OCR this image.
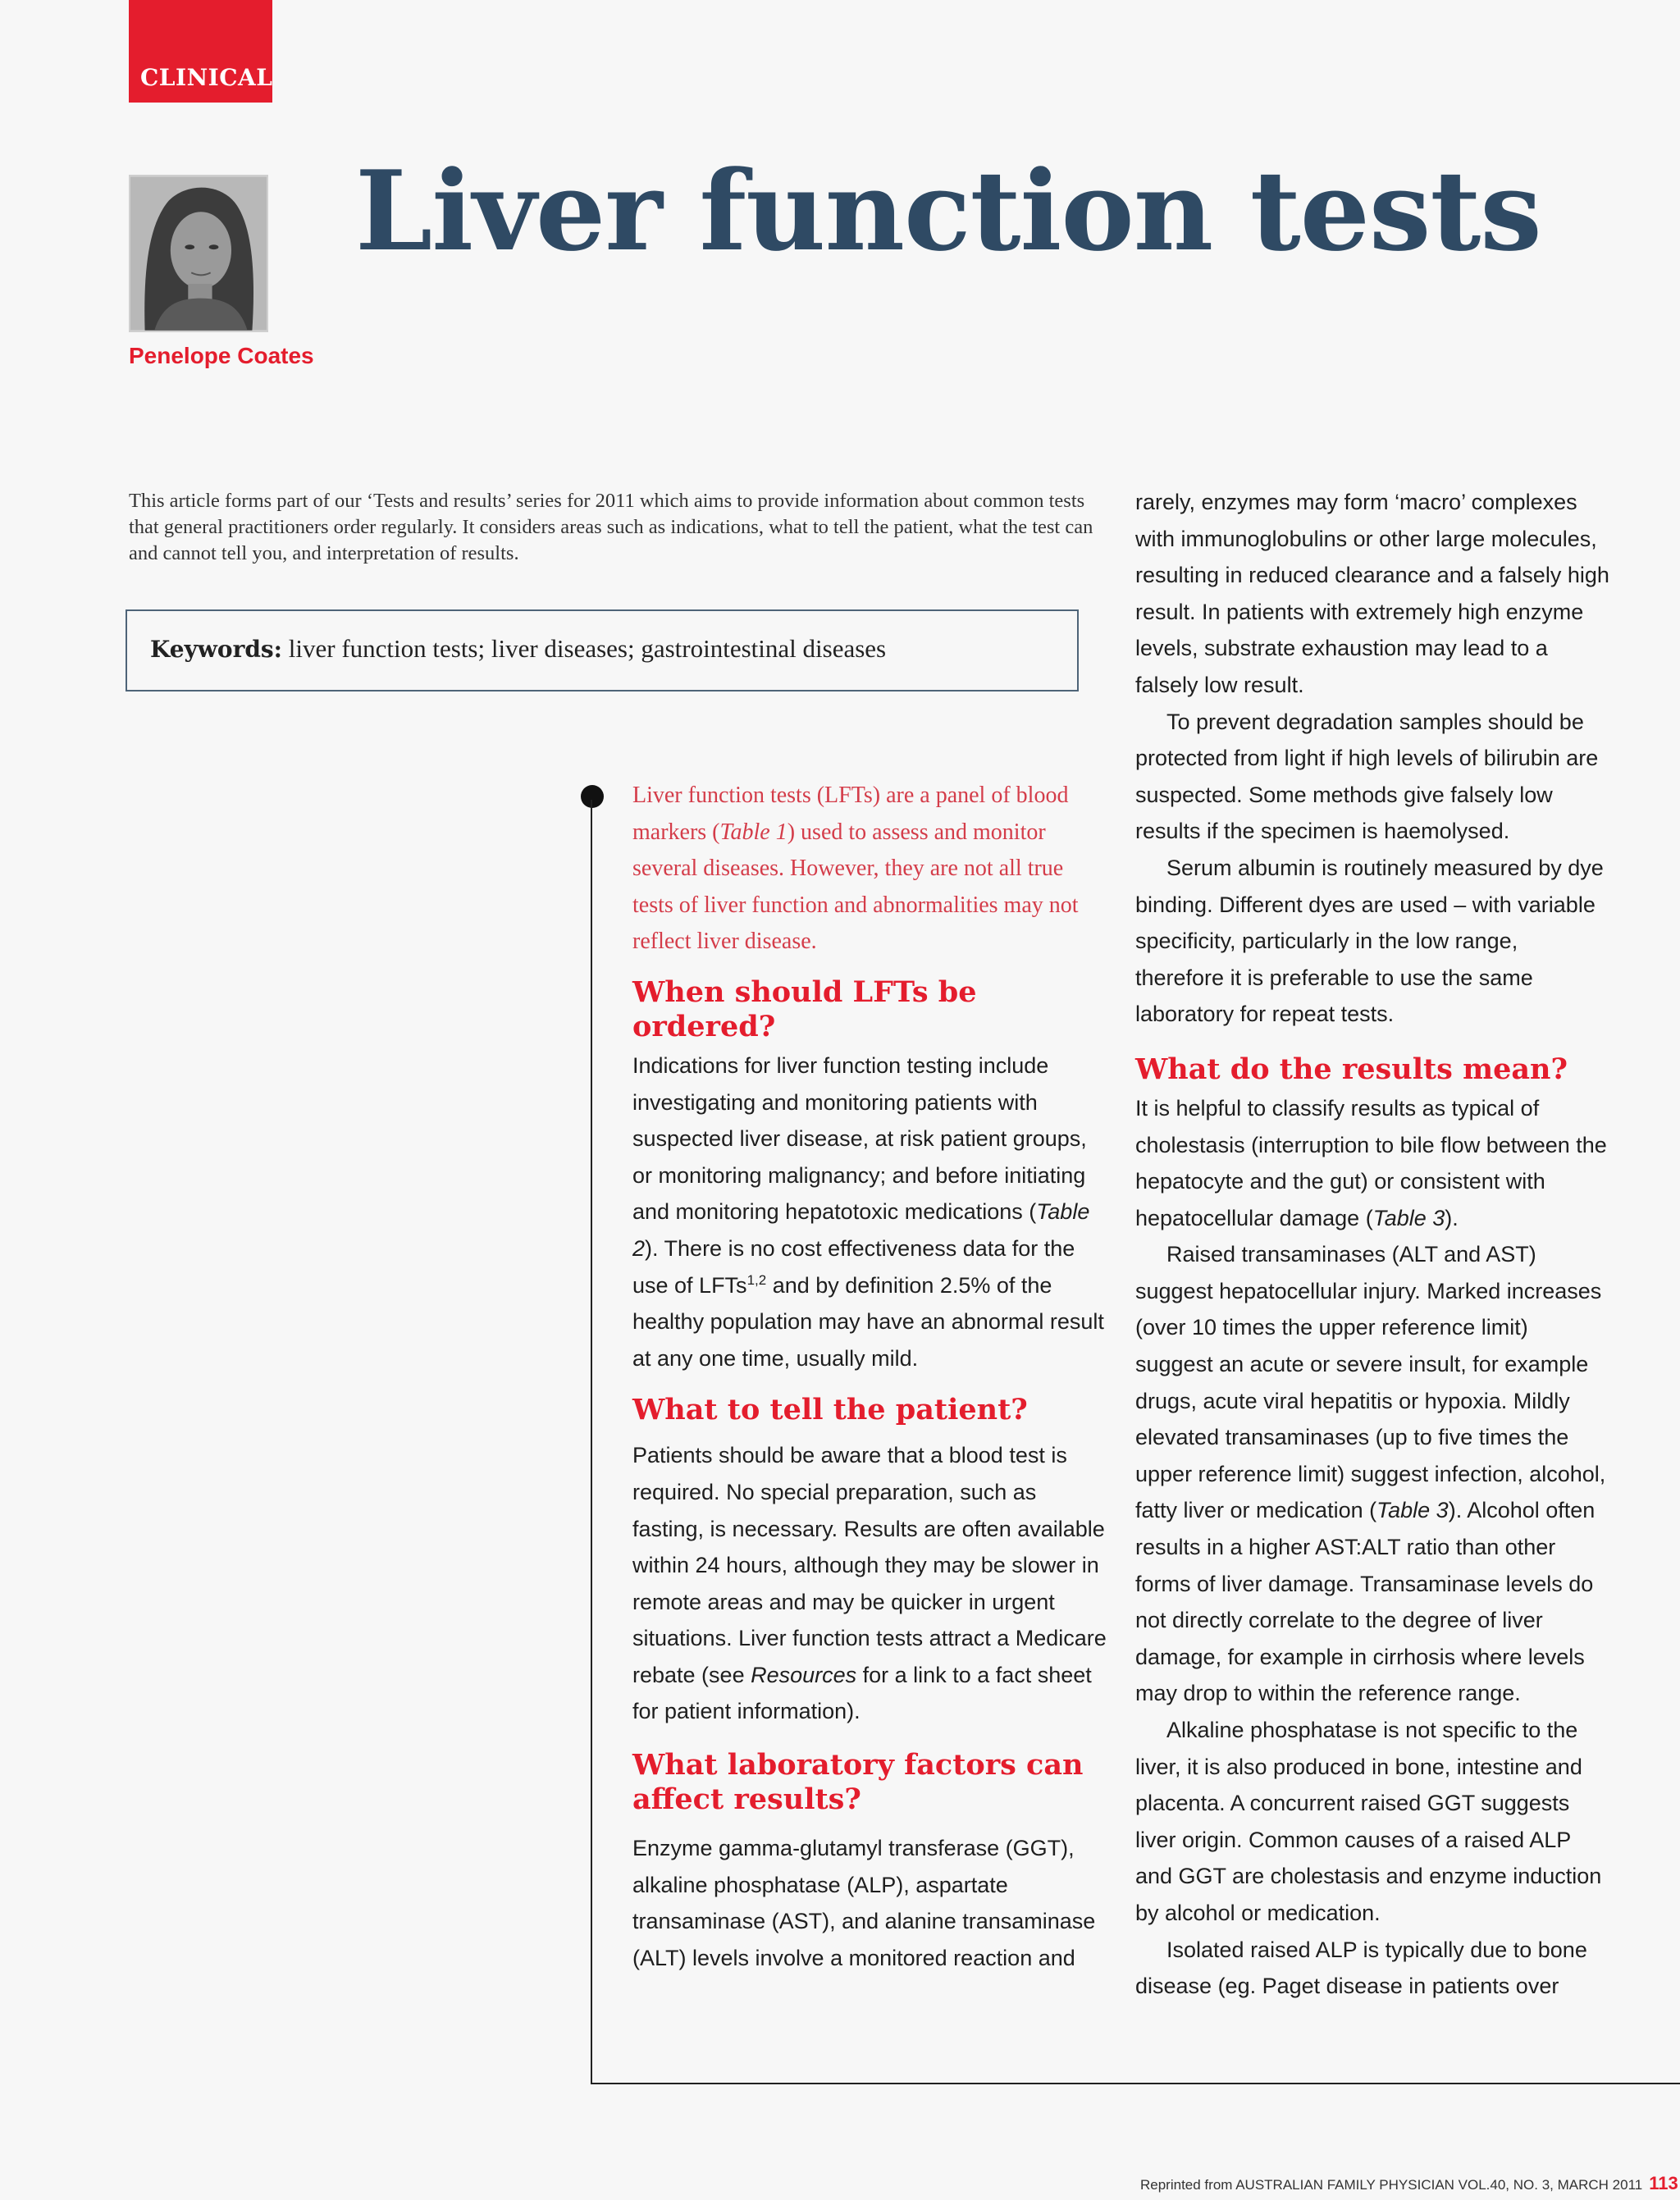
CLINICAL
Penelope Coates
Liver function tests

This article forms part of our ‘Tests and results’ series for 2011 which aims to provide information about common tests that general practitioners order regularly. It considers areas such as indications, what to tell the patient, what the test can and cannot tell you, and interpretation of results.

Keywords: liver function tests; liver diseases; gastrointestinal diseases

Liver function tests (LFTs) are a panel of blood markers (Table 1) used to assess and monitor several diseases. However, they are not all true tests of liver function and abnormalities may not reflect liver disease.

When should LFTs be ordered?

Indications for liver function testing include investigating and monitoring patients with suspected liver disease, at risk patient groups, or monitoring malignancy; and before initiating and monitoring hepatotoxic medications (Table 2). There is no cost effectiveness data for the use of LFTs$^{1,2}$ and by definition 2.5% of the healthy population may have an abnormal result at any one time, usually mild.

What to tell the patient?

Patients should be aware that a blood test is required. No special preparation, such as fasting, is necessary. Results are often available within 24 hours, although they may be slower in remote areas and may be quicker in urgent situations. Liver function tests attract a Medicare rebate (see Resources for a link to a fact sheet for patient information).

What laboratory factors can affect results?

Enzyme gamma-glutamyl transferase (GGT), alkaline phosphatase (ALP), aspartate transaminase (AST), and alanine transaminase (ALT) levels involve a monitored reaction and

rarely, enzymes may form ‘macro’ complexes with immunoglobulins or other large molecules, resulting in reduced clearance and a falsely high result. In patients with extremely high enzyme levels, substrate exhaustion may lead to a falsely low result.

To prevent degradation samples should be protected from light if high levels of bilirubin are suspected. Some methods give falsely low results if the specimen is haemolysed.

Serum albumin is routinely measured by dye binding. Different dyes are used – with variable specificity, particularly in the low range, therefore it is preferable to use the same laboratory for repeat tests.

What do the results mean?

It is helpful to classify results as typical of cholestasis (interruption to bile flow between the hepatocyte and the gut) or consistent with hepatocellular damage (Table 3).

Raised transaminases (ALT and AST) suggest hepatocellular injury. Marked increases (over 10 times the upper reference limit) suggest an acute or severe insult, for example drugs, acute viral hepatitis or hypoxia. Mildly elevated transaminases (up to five times the upper reference limit) suggest infection, alcohol, fatty liver or medication (Table 3). Alcohol often results in a higher AST:ALT ratio than other forms of liver damage. Transaminase levels do not directly correlate to the degree of liver damage, for example in cirrhosis where levels may drop to within the reference range.

Alkaline phosphatase is not specific to the liver, it is also produced in bone, intestine and placenta. A concurrent raised GGT suggests liver origin. Common causes of a raised ALP and GGT are cholestasis and enzyme induction by alcohol or medication.

Isolated raised ALP is typically due to bone disease (eg. Paget disease in patients over

Reprinted from AUSTRALIAN FAMILY PHYSICIAN VOL.40, NO. 3, MARCH 2011 113
